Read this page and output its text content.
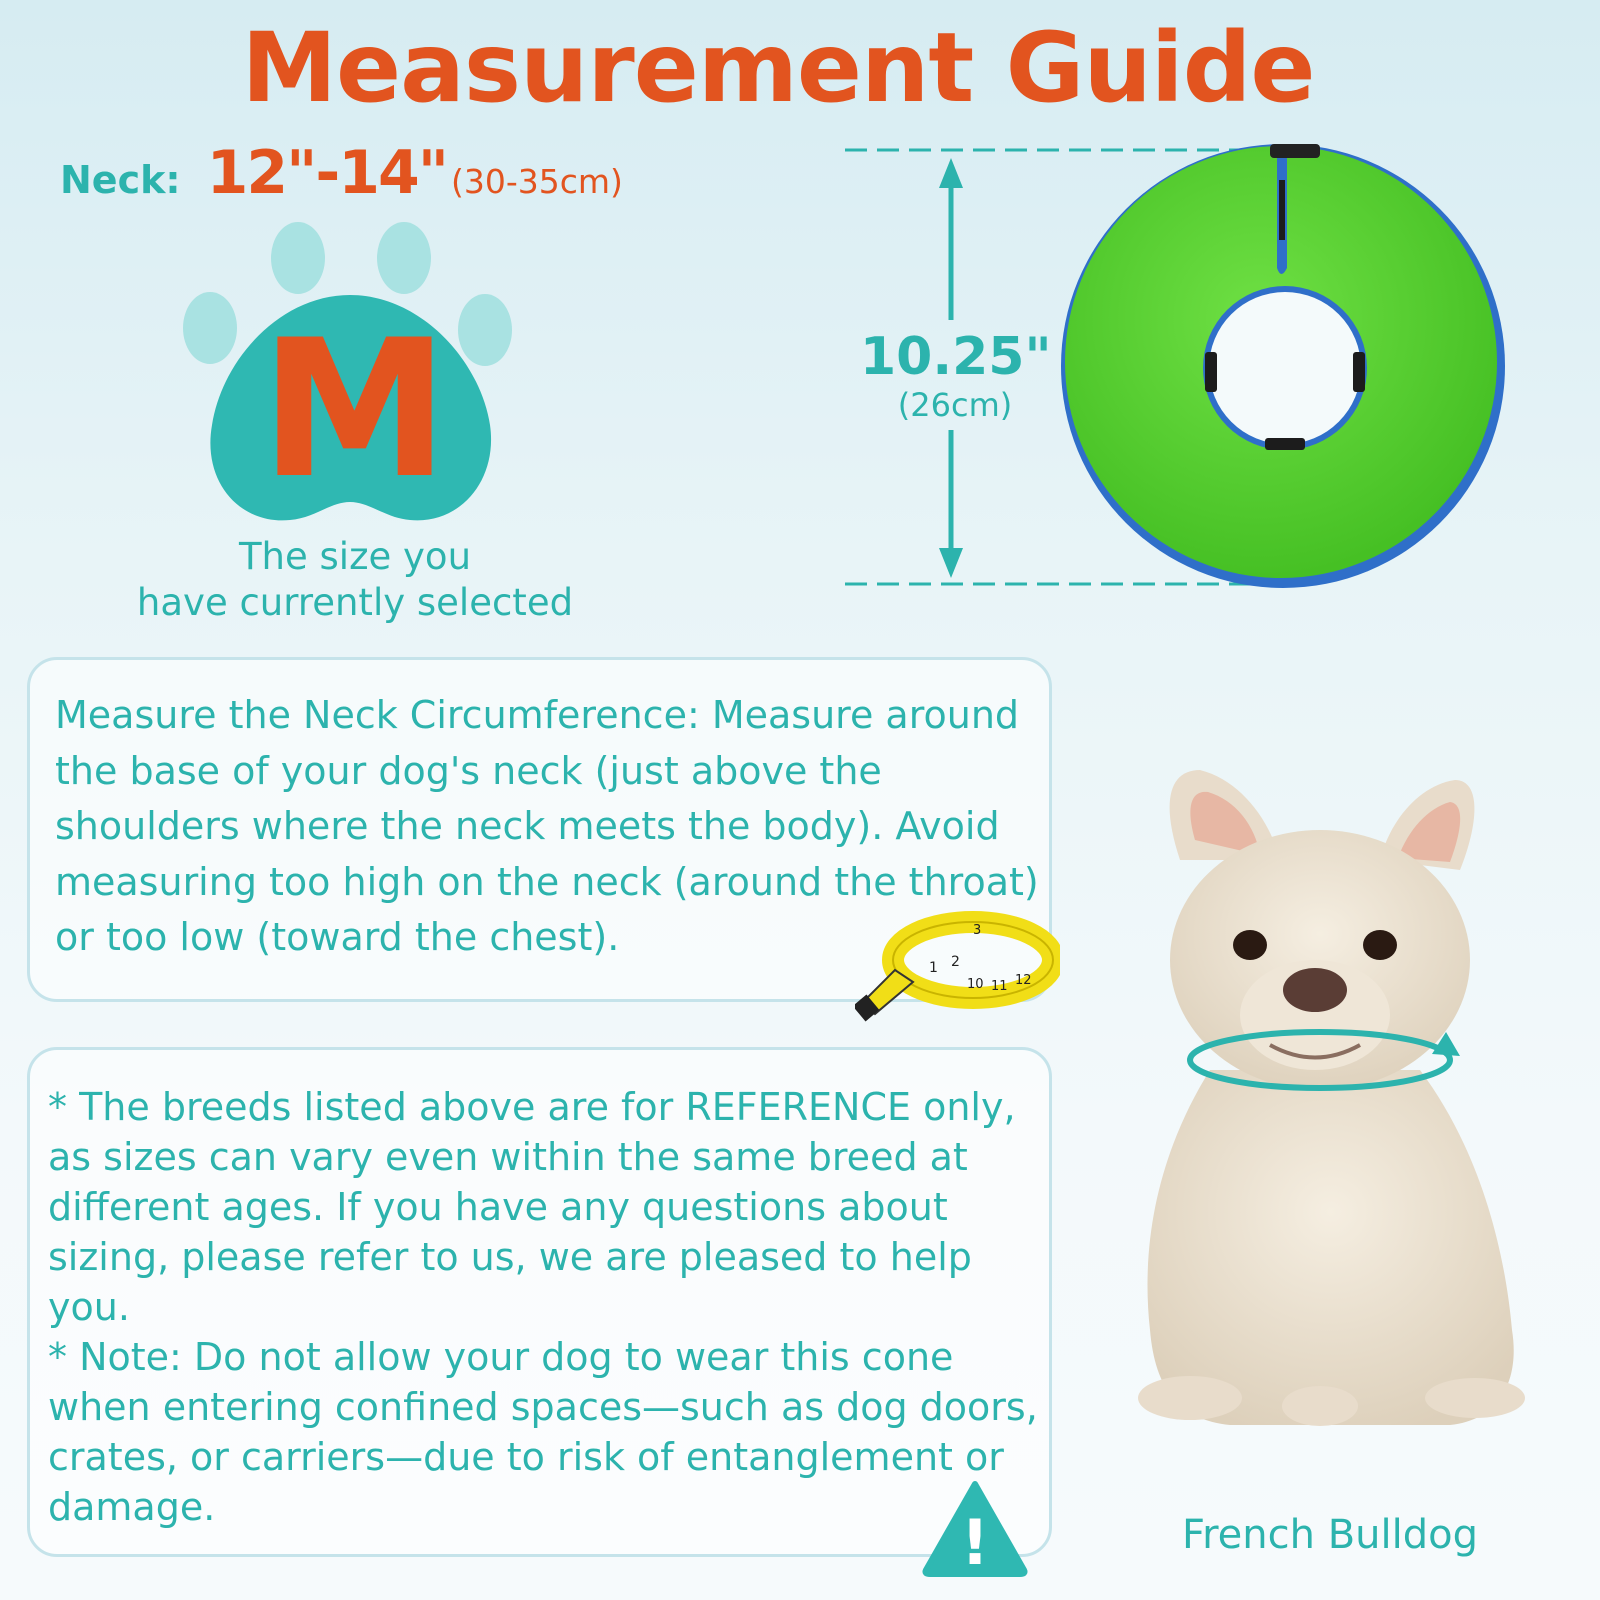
Measurement Guide
Neck: 12"-14" (30-35cm)
M
The size you
have currently selected
10.25"
(26cm)
Measure the Neck Circumference: Measure around the base of your dog's neck (just above the shoulders where the neck meets the body). Avoid measuring too high on the neck (around the throat) or too low (toward the chest).
1 2
3
10 11 12

* The breeds listed above are for REFERENCE only, as sizes can vary even within the same breed at different ages. If you have any questions about sizing, please refer to us, we are pleased to help you.

* Note: Do not allow your dog to wear this cone when entering confined spaces—such as dog doors, crates, or carriers—due to risk of entanglement or damage.	!	French Bulldog
